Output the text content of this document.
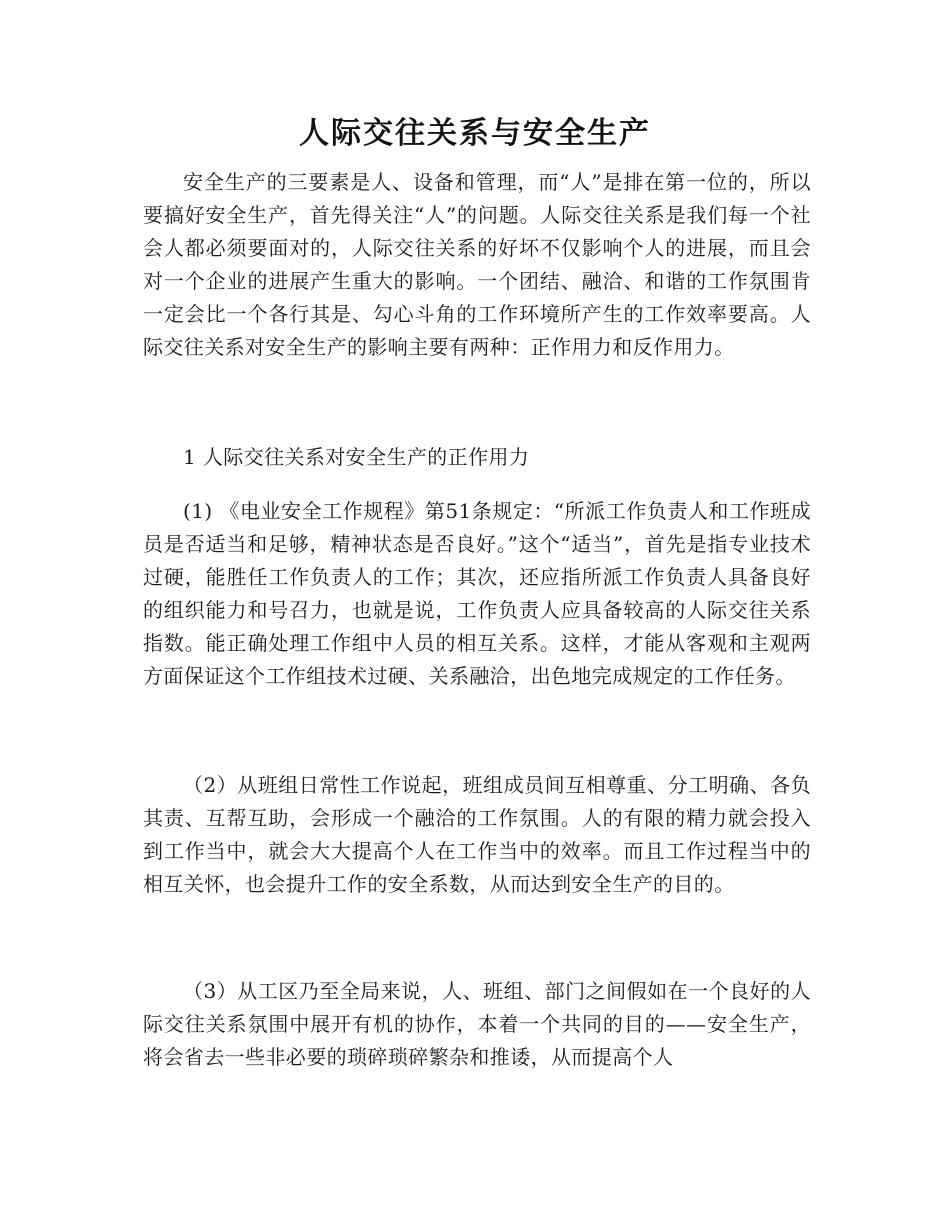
人际交往关系与安全生产

安全生产的三要素是人、设备和管理，而“人”是排在第一位的，所以要搞好安全生产，首先得关注“人”的问题。人际交往关系是我们每一个社会人都必须要面对的，人际交往关系的好坏不仅影响个人的进展，而且会对一个企业的进展产生重大的影响。一个团结、融洽、和谐的工作氛围肯一定会比一个各行其是、勾心斗角的工作环境所产生的工作效率要高。人际交往关系对安全生产的影响主要有两种：正作用力和反作用力。

1 人际交往关系对安全生产的正作用力

(1) 《电业安全工作规程》第51条规定：“所派工作负责人和工作班成员是否适当和足够，精神状态是否良好。”这个“适当”，首先是指专业技术过硬，能胜任工作负责人的工作；其次，还应指所派工作负责人具备良好的组织能力和号召力，也就是说，工作负责人应具备较高的人际交往关系指数。能正确处理工作组中人员的相互关系。这样，才能从客观和主观两方面保证这个工作组技术过硬、关系融洽，出色地完成规定的工作任务。

（2）从班组日常性工作说起，班组成员间互相尊重、分工明确、各负其责、互帮互助，会形成一个融洽的工作氛围。人的有限的精力就会投入到工作当中，就会大大提高个人在工作当中的效率。而且工作过程当中的相互关怀，也会提升工作的安全系数，从而达到安全生产的目的。

（3）从工区乃至全局来说，人、班组、部门之间假如在一个良好的人际交往关系氛围中展开有机的协作，本着一个共同的目的——安全生产，将会省去一些非必要的琐碎琐碎繁杂和推诿，从而提高个人
